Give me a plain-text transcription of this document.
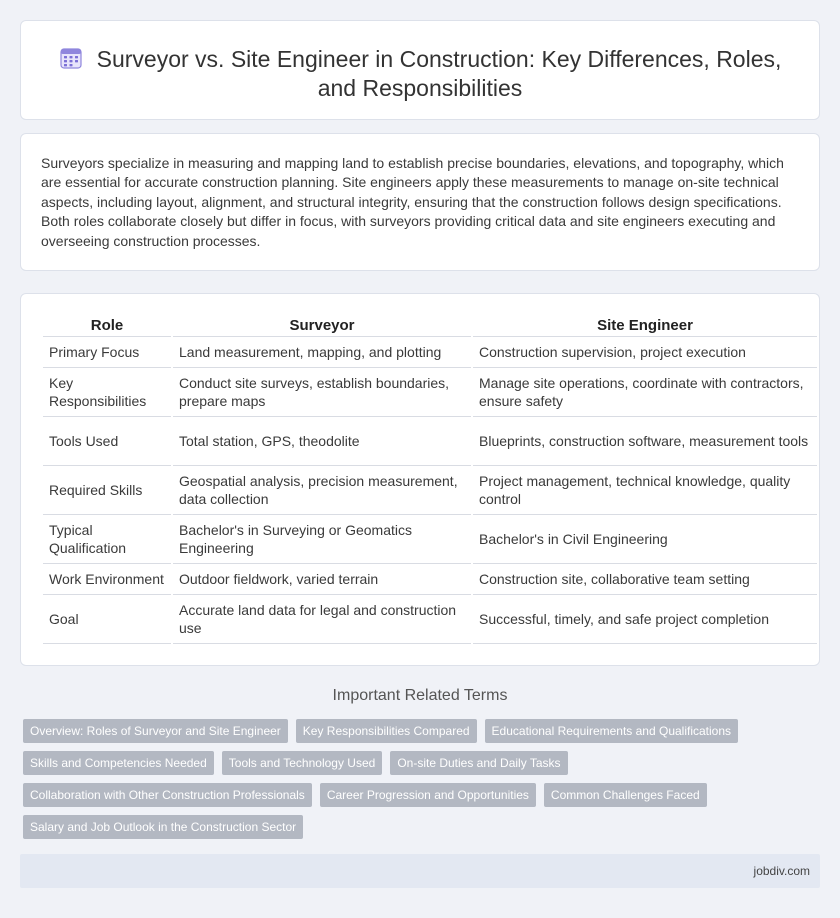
Surveyor vs. Site Engineer in Construction: Key Differences, Roles, and Responsibilities

Surveyors specialize in measuring and mapping land to establish precise boundaries, elevations, and topography, which are essential for accurate construction planning. Site engineers apply these measurements to manage on-site technical aspects, including layout, alignment, and structural integrity, ensuring that the construction follows design specifications. Both roles collaborate closely but differ in focus, with surveyors providing critical data and site engineers executing and overseeing construction processes.

Role	Surveyor	Site Engineer
Primary Focus	Land measurement, mapping, and plotting	Construction supervision, project execution
Key Responsibilities	Conduct site surveys, establish boundaries, prepare maps	Manage site operations, coordinate with contractors, ensure safety
Tools Used	Total station, GPS, theodolite	Blueprints, construction software, measurement tools
Required Skills	Geospatial analysis, precision measurement, data collection	Project management, technical knowledge, quality control
Typical Qualification	Bachelor's in Surveying or Geomatics Engineering	Bachelor's in Civil Engineering
Work Environment	Outdoor fieldwork, varied terrain	Construction site, collaborative team setting
Goal	Accurate land data for legal and construction use	Successful, timely, and safe project completion
Important Related Terms
Overview: Roles of Surveyor and Site Engineer	Key Responsibilities Compared	Educational Requirements and Qualifications
Skills and Competencies Needed	Tools and Technology Used	On-site Duties and Daily Tasks
Collaboration with Other Construction Professionals	Career Progression and Opportunities	Common Challenges Faced
Salary and Job Outlook in the Construction Sector
jobdiv.com
